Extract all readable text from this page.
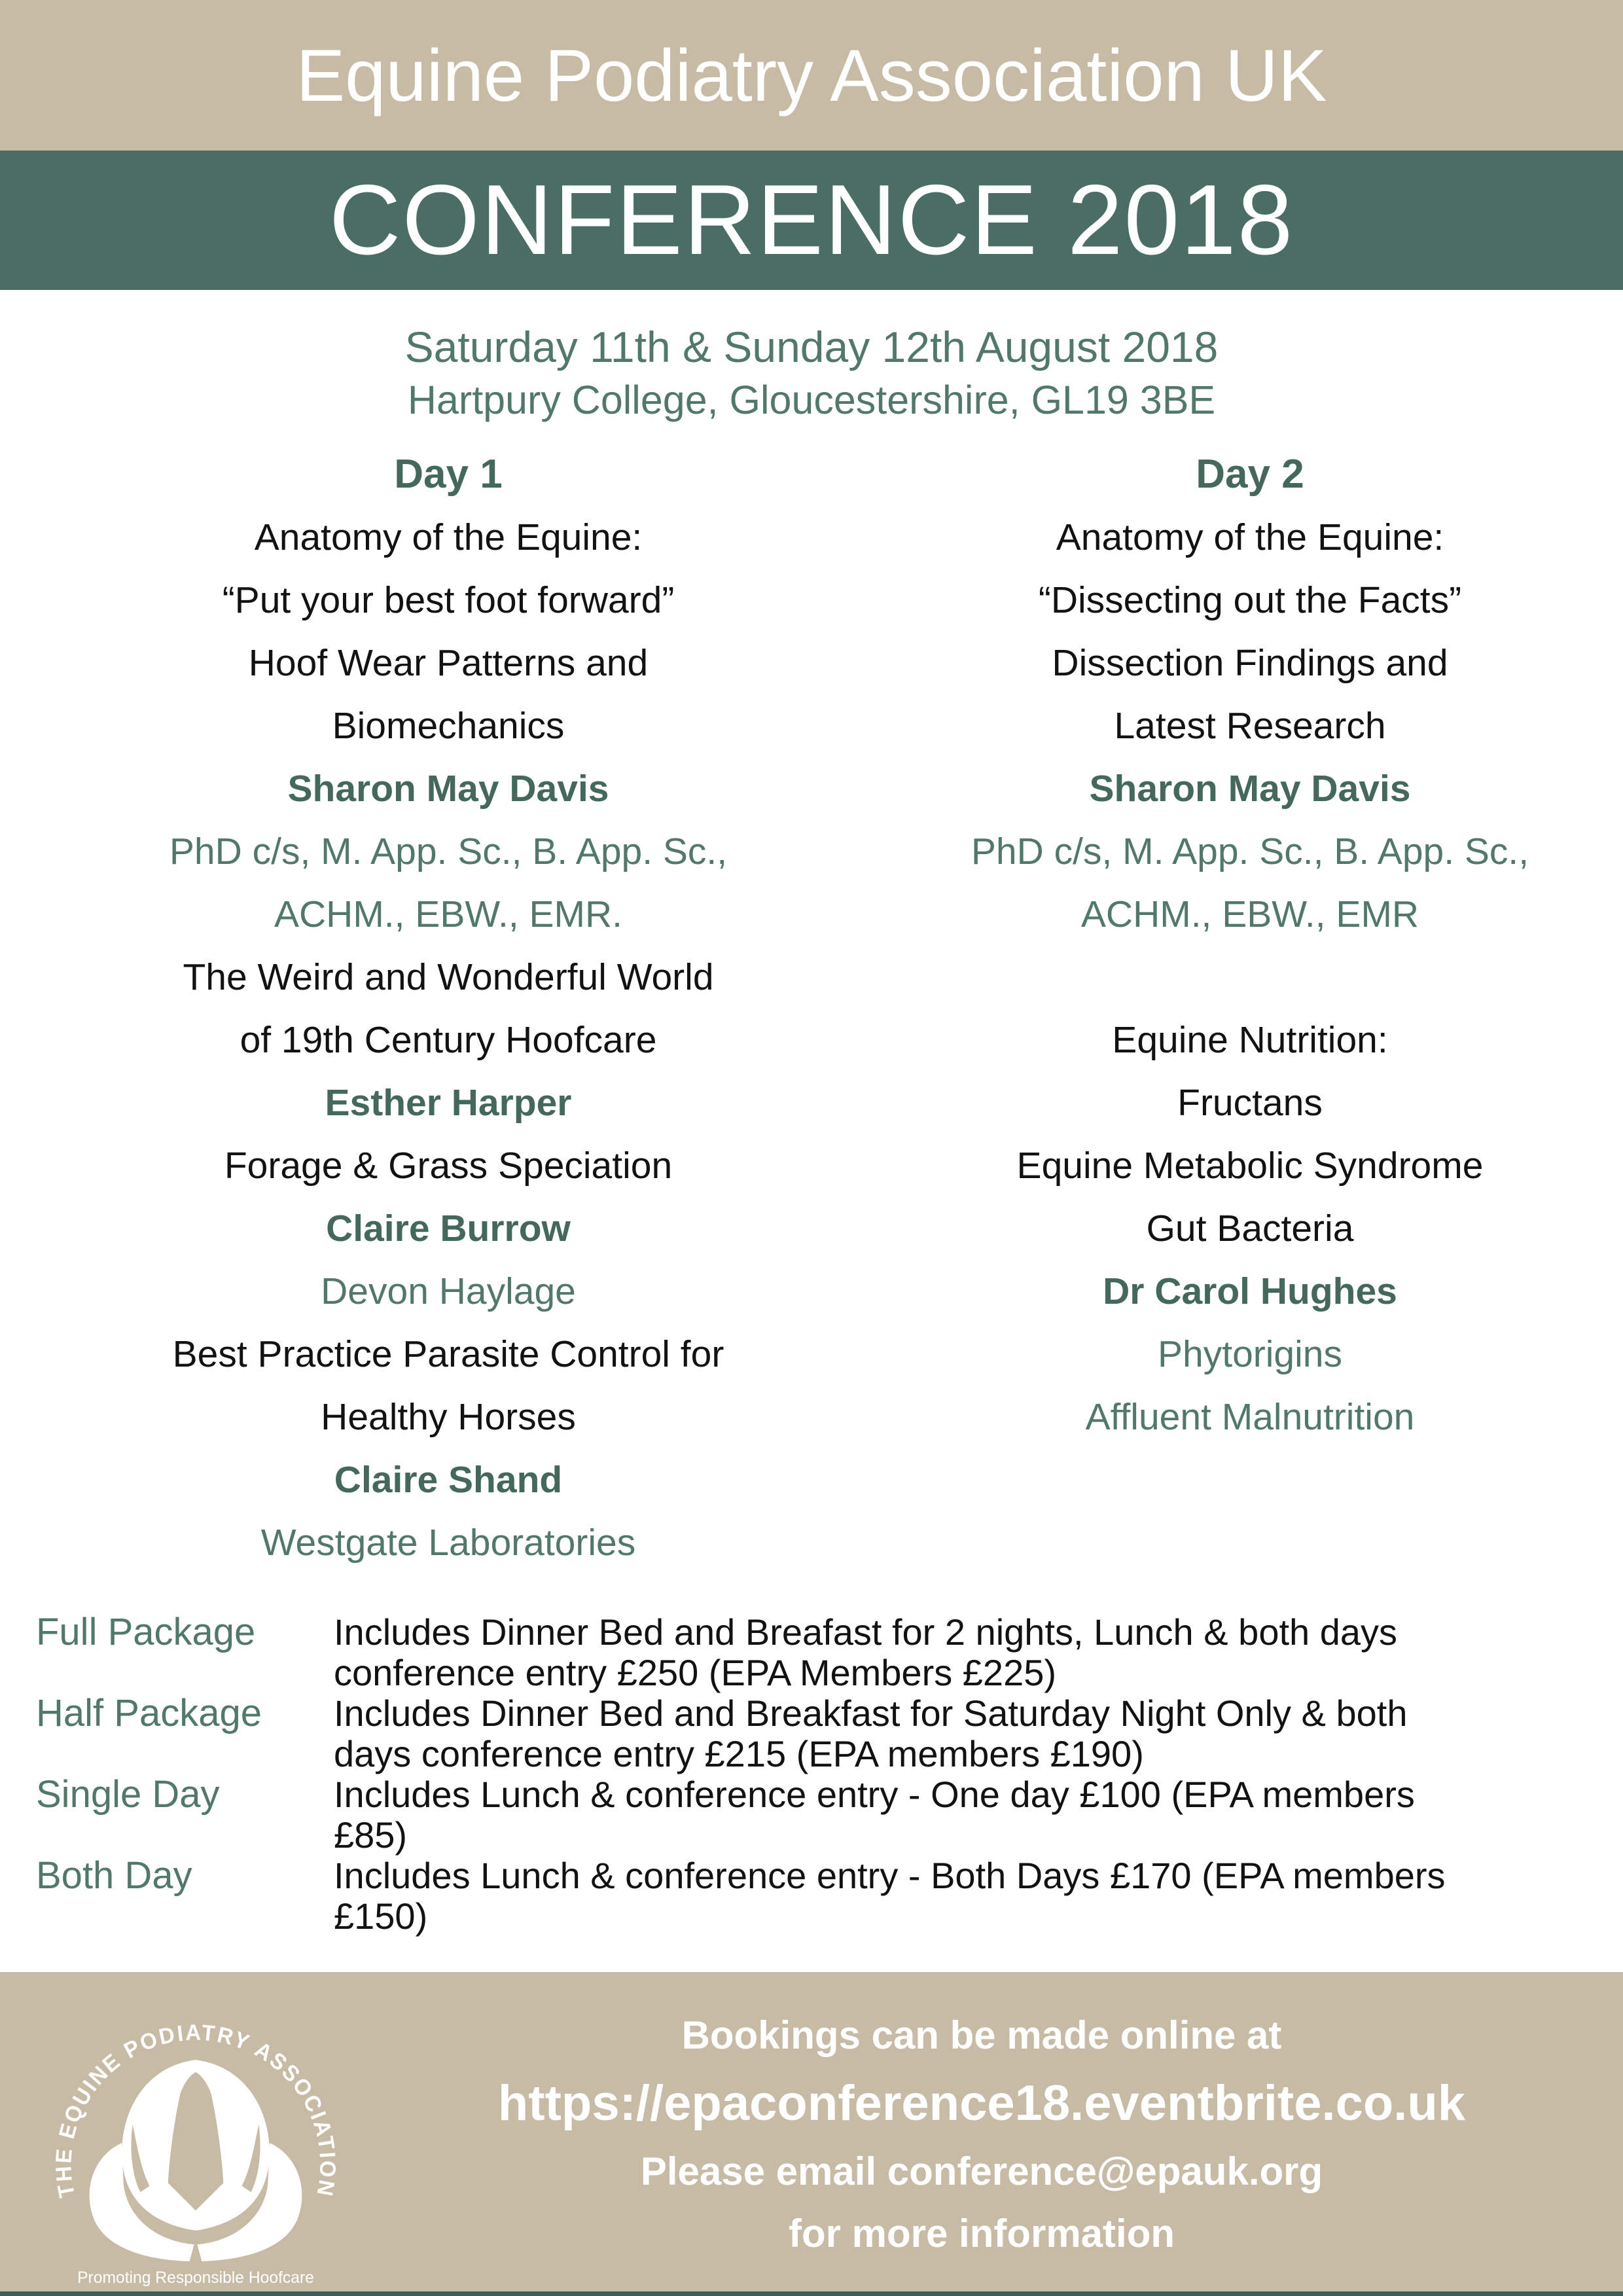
Equine Podiatry Association UK
CONFERENCE 2018
Saturday 11th & Sunday 12th August 2018
Hartpury College, Gloucestershire, GL19 3BE
Day 1
Anatomy of the Equine:
“Put your best foot forward”
Hoof Wear Patterns and
Biomechanics
Sharon May Davis
PhD c/s, M. App. Sc., B. App. Sc.,
ACHM., EBW., EMR.
The Weird and Wonderful World
of 19th Century Hoofcare
Esther Harper
Forage & Grass Speciation
Claire Burrow
Devon Haylage
Best Practice Parasite Control for
Healthy Horses
Claire Shand
Westgate Laboratories
Day 2
Anatomy of the Equine:
“Dissecting out the Facts”
Dissection Findings and
Latest Research
Sharon May Davis
PhD c/s, M. App. Sc., B. App. Sc.,
ACHM., EBW., EMR
Equine Nutrition:
Fructans
Equine Metabolic Syndrome
Gut Bacteria
Dr Carol Hughes
Phytorigins
Affluent Malnutrition
Full Package	Includes Dinner Bed and Breafast for 2 nights, Lunch & both days conference entry £250 (EPA Members £225)
Half Package	Includes Dinner Bed and Breakfast for Saturday Night Only & both days conference entry £215 (EPA members £190)
Single Day	Includes Lunch & conference entry - One day £100 (EPA members £85)
Both Day	Includes Lunch & conference entry - Both Days £170 (EPA members £150)
THE EQUINE PODIATRY ASSOCIATION
Promoting Responsible Hoofcare
Bookings can be made online at
https://epaconference18.eventbrite.co.uk
Please email conference@epauk.org
for more information
